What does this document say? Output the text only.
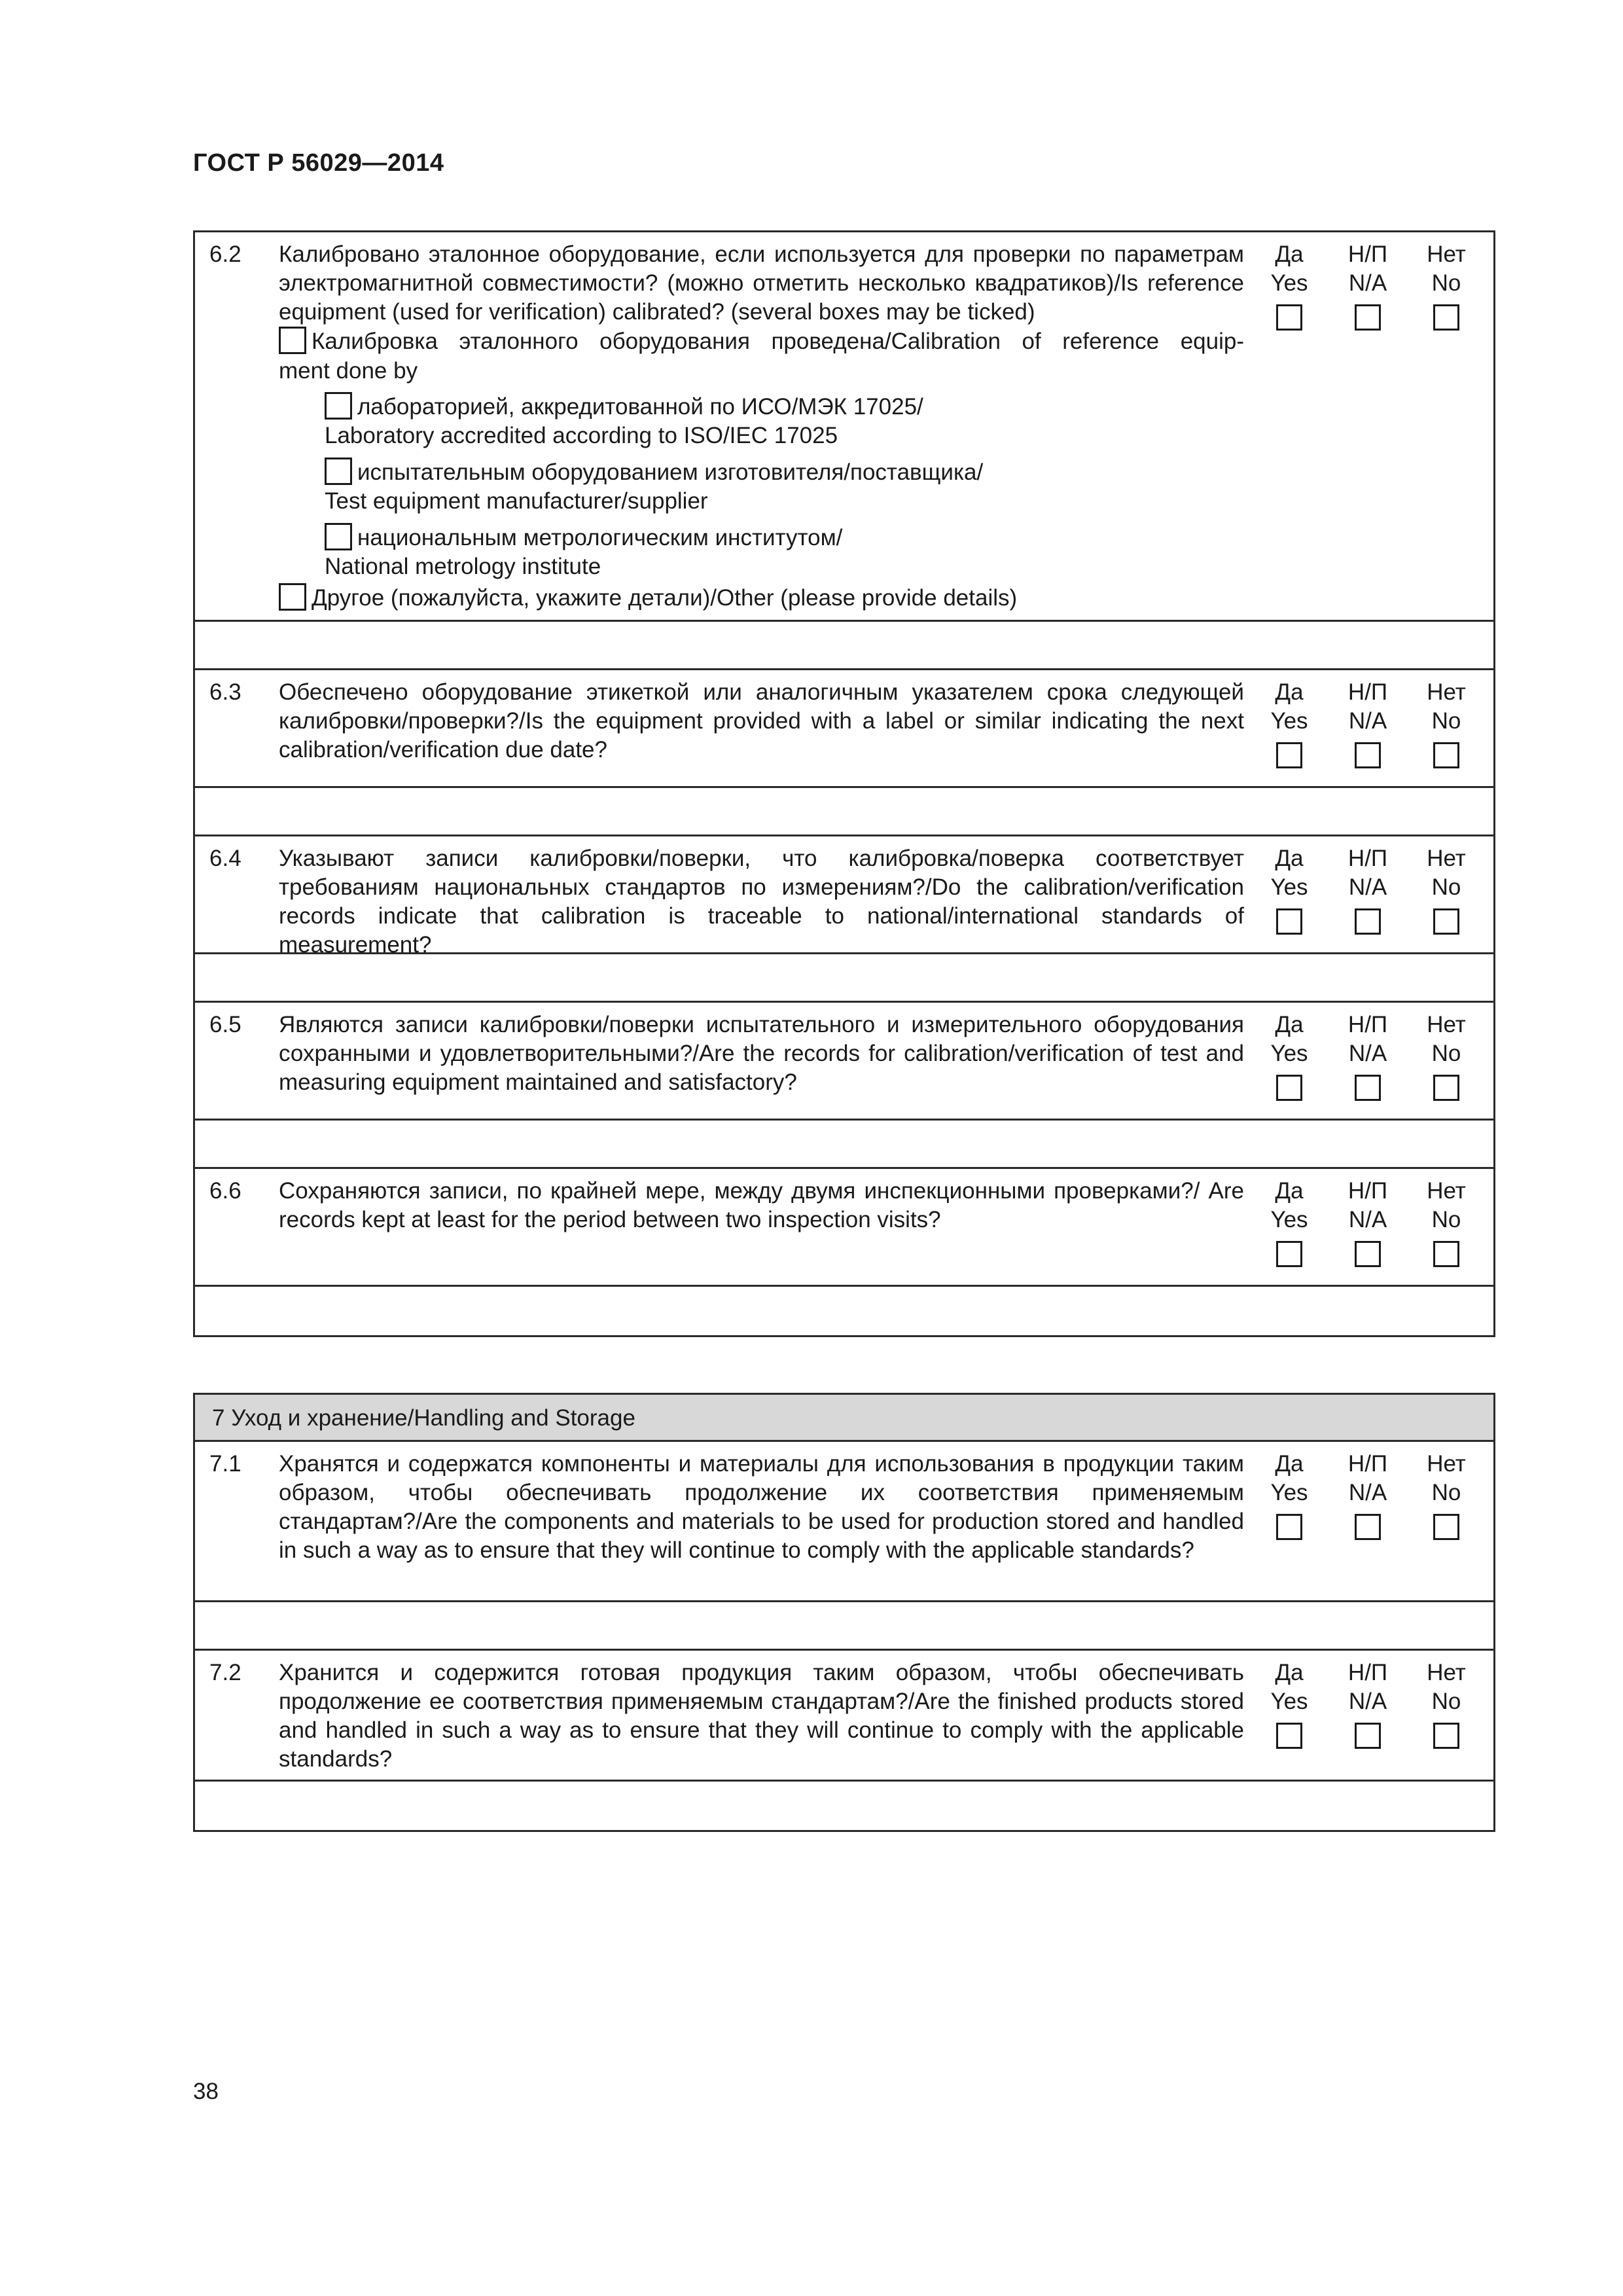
ГОСТ Р 56029—2014
6.2 Калибровано эталонное оборудование, если используется для проверки по параметрам электромагнитной совместимости? (можно отметить несколько квадратиков)/Is reference equipment (used for verification) calibrated? (several boxes may be ticked)
Калибровка эталонного оборудования проведена/Calibration of reference equip-
ment done by
лабораторией, аккредитованной по ИСО/МЭК 17025/
Laboratory accredited according to ISO/IEC 17025
испытательным оборудованием изготовителя/поставщика/
Test equipment manufacturer/supplier
национальным метрологическим институтом/
National metrology institute
Другое (пожалуйста, укажите детали)/Other (please provide details)
Да
Yes
Н/П
N/A
Нет
No
6.3 Обеспечено оборудование этикеткой или аналогичным указателем срока следующей калибровки/проверки?/Is the equipment provided with a label or similar indicating the next calibration/verification due date?
Да
Yes
Н/П
N/A
Нет
No
6.4 Указывают записи калибровки/поверки, что калибровка/поверка соответствует требованиям национальных стандартов по измерениям?/Do the calibration/verification records indicate that calibration is traceable to national/international standards of measurement?
Да
Yes
Н/П
N/A
Нет
No
6.5 Являются записи калибровки/поверки испытательного и измерительного оборудования сохранными и удовлетворительными?/Are the records for calibration/verification of test and measuring equipment maintained and satisfactory?
Да
Yes
Н/П
N/A
Нет
No
6.6 Сохраняются записи, по крайней мере, между двумя инспекционными проверками?/ Are records kept at least for the period between two inspection visits?
Да
Yes
Н/П
N/A
Нет
No
7 Уход и хранение/Handling and Storage
7.1 Хранятся и содержатся компоненты и материалы для использования в продукции таким образом, чтобы обеспечивать продолжение их соответствия применяемым стандартам?/Are the components and materials to be used for production stored and handled in such a way as to ensure that they will continue to comply with the applicable standards?
Да
Yes
Н/П
N/A
Нет
No
7.2 Хранится и содержится готовая продукция таким образом, чтобы обеспечивать продолжение ее соответствия применяемым стандартам?/Are the finished products stored and handled in such a way as to ensure that they will continue to comply with the applicable standards?
Да
Yes
Н/П
N/A
Нет
No
38
